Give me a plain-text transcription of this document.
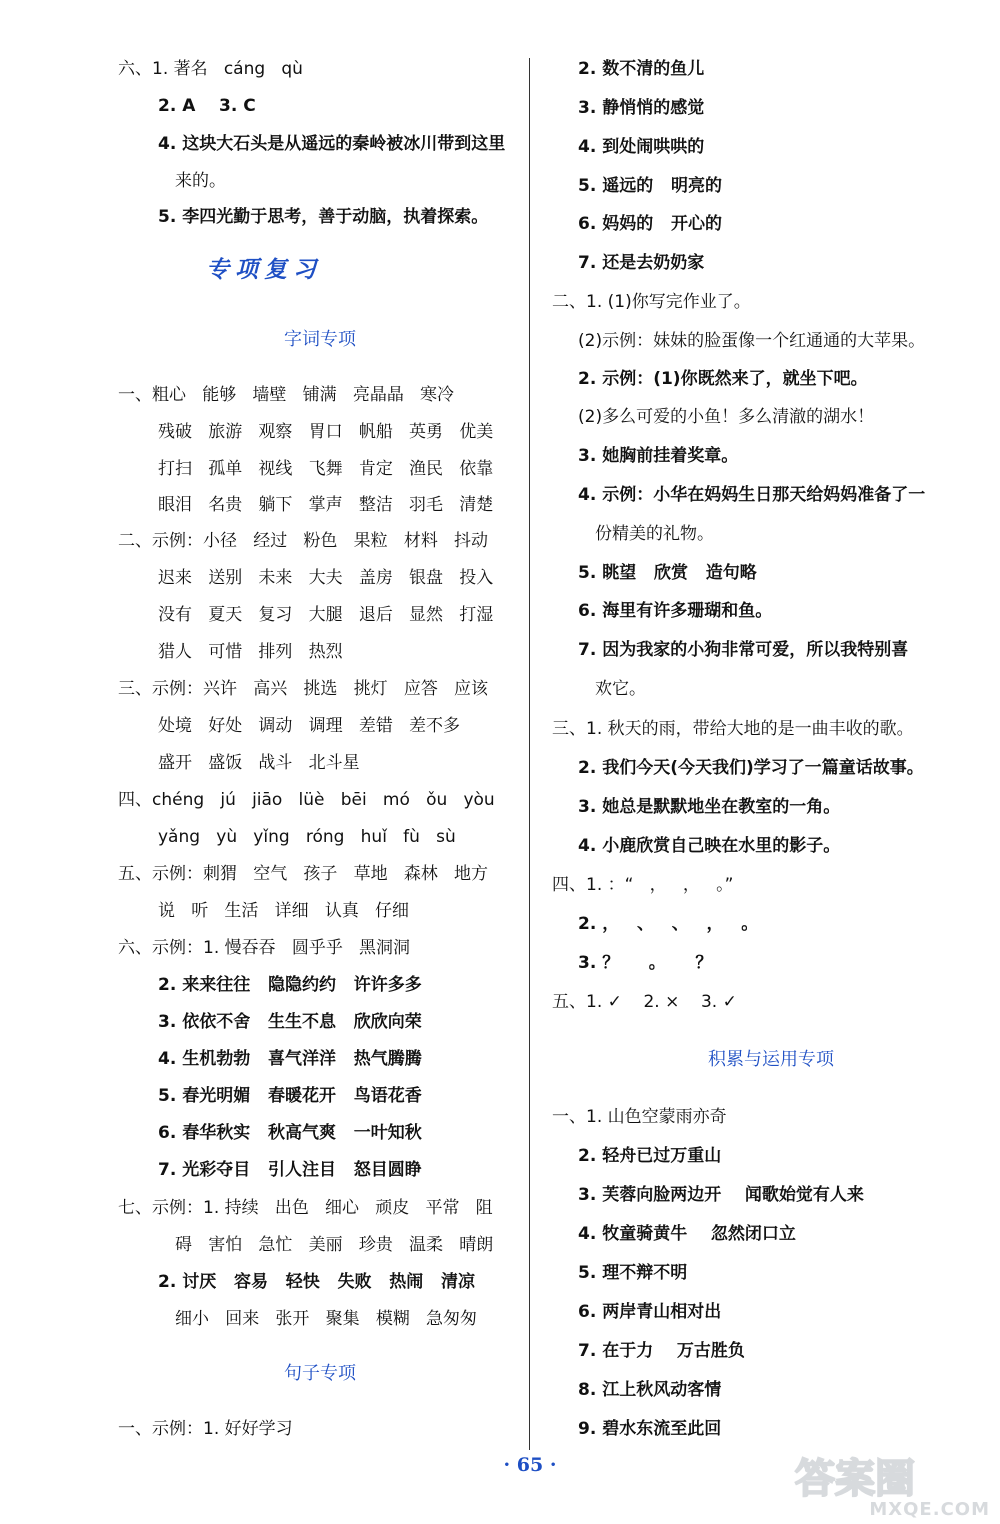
六、1. 著名   cáng   qù
2. A    3. C
4. 这块大石头是从遥远的秦岭被冰川带到这里
来的。
5. 李四光勤于思考，善于动脑，执着探索。
专项复习
字词专项
一、粗心   能够   墙壁   铺满   亮晶晶   寒冷
残破   旅游   观察   胃口   帆船   英勇   优美
打扫   孤单   视线   飞舞   肯定   渔民   依靠
眼泪   名贵   躺下   掌声   整洁   羽毛   清楚
二、示例：小径   经过   粉色   果粒   材料   抖动
迟来   送别   未来   大夫   盖房   银盘   投入
没有   夏天   复习   大腿   退后   显然   打湿
猎人   可惜   排列   热烈
三、示例：兴许   高兴   挑选   挑灯   应答   应该
处境   好处   调动   调理   差错   差不多
盛开   盛饭   战斗   北斗星
四、chéng   jú   jiāo   lüè   bēi   mó   ǒu   yòu
yǎng   yù   yǐng   róng   huǐ   fù   sù
五、示例：刺猬   空气   孩子   草地   森林   地方
说   听   生活   详细   认真   仔细
六、示例：1. 慢吞吞   圆乎乎   黑洞洞
2. 来来往往   隐隐约约   许许多多
3. 依依不舍   生生不息   欣欣向荣
4. 生机勃勃   喜气洋洋   热气腾腾
5. 春光明媚   春暖花开   鸟语花香
6. 春华秋实   秋高气爽   一叶知秋
7. 光彩夺目   引人注目   怒目圆睁
七、示例：1. 持续   出色   细心   顽皮   平常   阻
碍   害怕   急忙   美丽   珍贵   温柔   晴朗
2. 讨厌   容易   轻快   失败   热闹   清凉
细小   回来   张开   聚集   模糊   急匆匆
句子专项
一、示例：1. 好好学习
2. 数不清的鱼儿
3. 静悄悄的感觉
4. 到处闹哄哄的
5. 遥远的   明亮的
6. 妈妈的   开心的
7. 还是去奶奶家
二、1. (1)你写完作业了。
(2)示例：妹妹的脸蛋像一个红通通的大苹果。
2. 示例：(1)你既然来了，就坐下吧。
(2)多么可爱的小鱼！多么清澈的湖水！
3. 她胸前挂着奖章。
4. 示例：小华在妈妈生日那天给妈妈准备了一
份精美的礼物。
5. 眺望   欣赏   造句略
6. 海里有许多珊瑚和鱼。
7. 因为我家的小狗非常可爱，所以我特别喜
欢它。
三、1. 秋天的雨，带给大地的是一曲丰收的歌。
2. 我们今天(今天我们)学习了一篇童话故事。
3. 她总是默默地坐在教室的一角。
4. 小鹿欣赏自己映在水里的影子。
四、1. ：“   ，   ，   。”
2. ，   、   、   ，   。
3. ？     。     ？
五、1. ✓    2. ×    3. ✓
积累与运用专项
一、1. 山色空蒙雨亦奇
2. 轻舟已过万重山
3. 芙蓉向脸两边开    闻歌始觉有人来
4. 牧童骑黄牛    忽然闭口立
5. 理不辩不明
6. 两岸青山相对出
7. 在于力    万古胜负
8. 江上秋风动客情
9. 碧水东流至此回
· 65 ·	答案圈
MXQE.COM
